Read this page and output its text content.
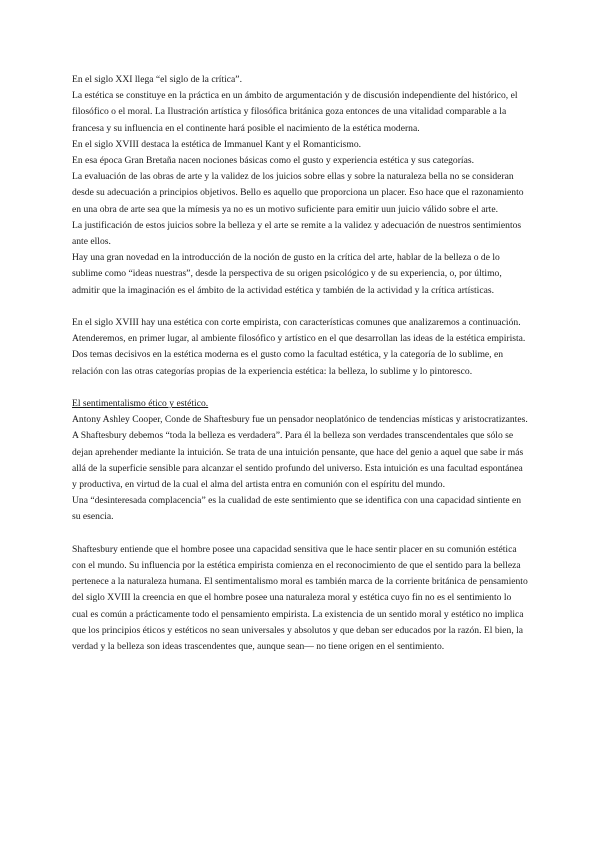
En el siglo XXI llega “el siglo de la crítica”.

La estética se constituye en la práctica en un ámbito de argumentación y de discusión independiente del histórico, el filosófico o el moral. La Ilustración artística y filosófica británica goza entonces de una vitalidad comparable a la francesa y su influencia en el continente hará posible el nacimiento de la estética moderna.

En el siglo XVIII destaca la estética de Immanuel Kant y el Romanticismo.

En esa época Gran Bretaña nacen nociones básicas como el gusto y experiencia estética y sus categorías.

La evaluación de las obras de arte y la validez de los juicios sobre ellas y sobre la naturaleza bella no se consideran desde su adecuación a principios objetivos. Bello es aquello que proporciona un placer. Eso hace que el razonamiento en una obra de arte sea que la mímesis ya no es un motivo suficiente para emitir uun juicio válido sobre el arte.

La justificación de estos juicios sobre la belleza y el arte se remite a la validez y adecuación de nuestros sentimientos ante ellos.

Hay una gran novedad en la introducción de la noción de gusto en la crítica del arte, hablar de la belleza o de lo sublime como “ideas nuestras”, desde la perspectiva de su origen psicológico y de su experiencia, o, por último, admitir que la imaginación es el ámbito de la actividad estética y también de la actividad y la crítica artísticas.

En el siglo XVIII hay una estética con corte empirista, con características comunes que analizaremos a continuación. Atenderemos, en primer lugar, al ambiente filosófico y artístico en el que desarrollan las ideas de la estética empirista. Dos temas decisivos en la estética moderna es el gusto como la facultad estética, y la categoría de lo sublime, en relación con las otras categorías propias de la experiencia estética: la belleza, lo sublime y lo pintoresco.

El sentimentalismo ético y estético.

Antony Ashley Cooper, Conde de Shaftesbury fue un pensador neoplatónico de tendencias místicas y aristocratizantes. A Shaftesbury debemos “toda la belleza es verdadera”. Para él la belleza son verdades transcendentales que sólo se dejan aprehender mediante la intuición. Se trata de una intuición pensante, que hace del genio a aquel que sabe ir más allá de la superficie sensible para alcanzar el sentido profundo del universo. Esta intuición es una facultad espontánea y productiva, en virtud de la cual el alma del artista entra en comunión con el espíritu del mundo.

Una “desinteresada complacencia” es la cualidad de este sentimiento que se identifica con una capacidad sintiente en su esencia.

Shaftesbury entiende que el hombre posee una capacidad sensitiva que le hace sentir placer en su comunión estética con el mundo. Su influencia por la estética empirista comienza en el reconocimiento de que el sentido para la belleza pertenece a la naturaleza humana. El sentimentalismo moral es también marca de la corriente británica de pensamiento del siglo XVIII la creencia en que el hombre posee una naturaleza moral y estética cuyo fin no es el sentimiento lo cual es común a prácticamente todo el pensamiento empirista. La existencia de un sentido moral y estético no implica que los principios éticos y estéticos no sean universales y absolutos y que deban ser educados por la razón. El bien, la verdad y la belleza son ideas trascendentes que, aunque sean— no tiene origen en el sentimiento.
